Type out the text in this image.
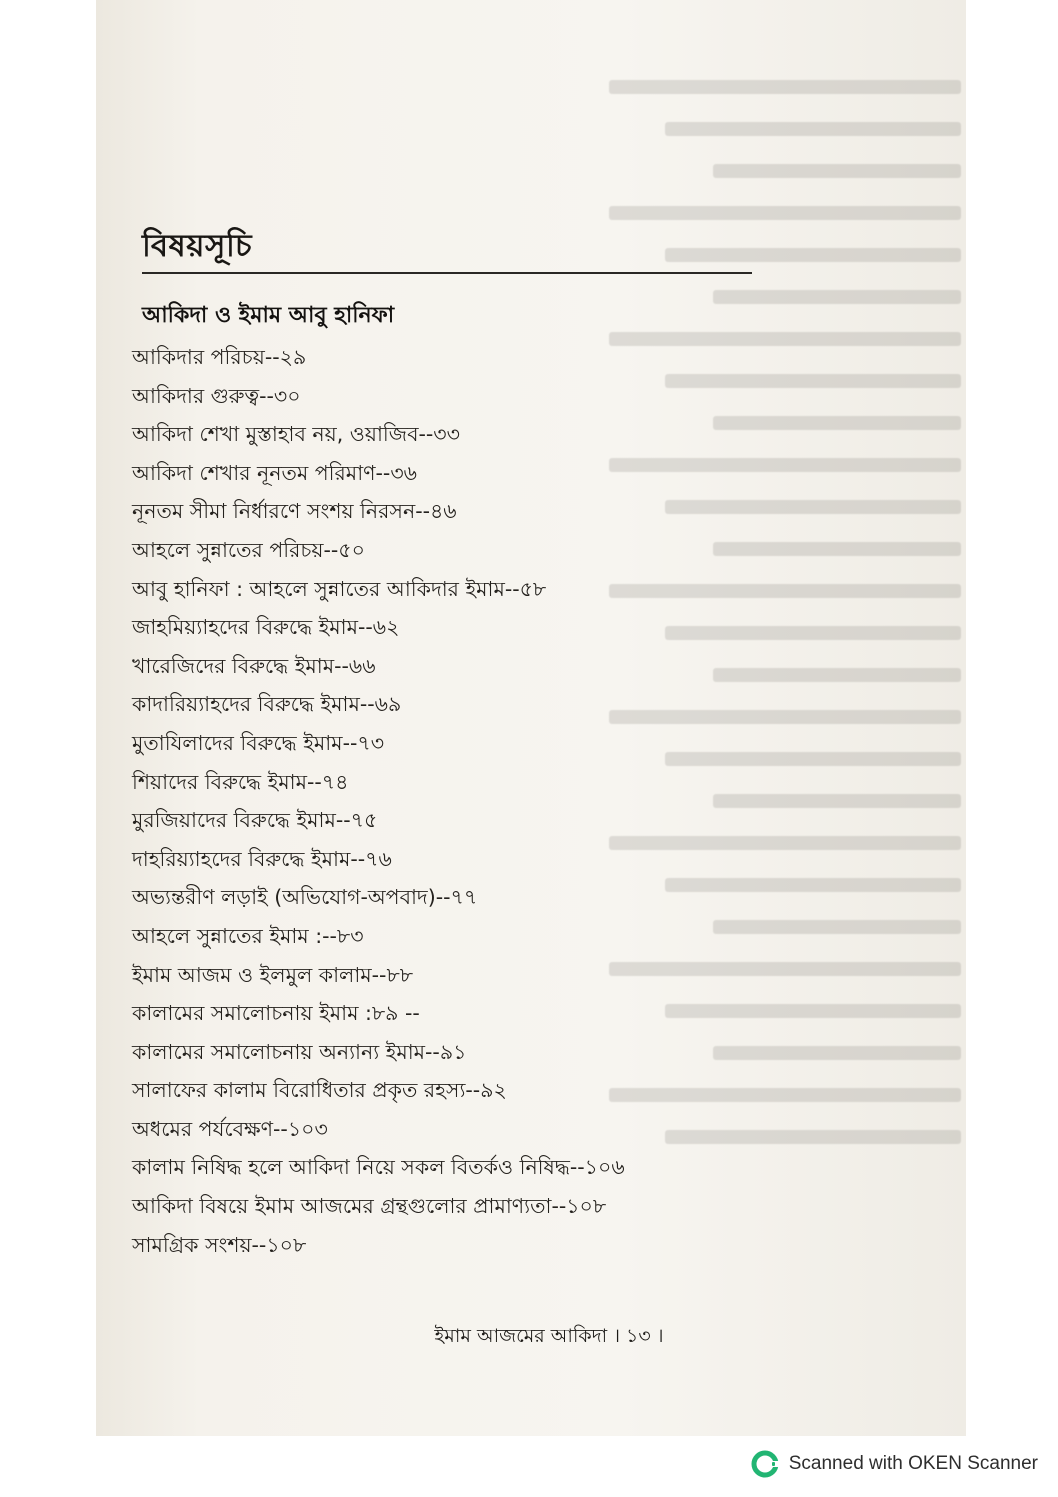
বিষয়সূচি
আকিদা ও ইমাম আবু হানিফা
আকিদার পরিচয়--২৯
আকিদার গুরুত্ব--৩০
আকিদা শেখা মুস্তাহাব নয়, ওয়াজিব--৩৩
আকিদা শেখার নূনতম পরিমাণ--৩৬
নূনতম সীমা নির্ধারণে সংশয় নিরসন--৪৬
আহলে সুন্নাতের পরিচয়--৫০
আবু হানিফা : আহলে সুন্নাতের আকিদার ইমাম--৫৮
জাহমিয়্যাহদের বিরুদ্ধে ইমাম--৬২
খারেজিদের বিরুদ্ধে ইমাম--৬৬
কাদারিয়্যাহদের বিরুদ্ধে ইমাম--৬৯
মুতাযিলাদের বিরুদ্ধে ইমাম--৭৩
শিয়াদের বিরুদ্ধে ইমাম--৭৪
মুরজিয়াদের বিরুদ্ধে ইমাম--৭৫
দাহরিয়্যাহদের বিরুদ্ধে ইমাম--৭৬
অভ্যন্তরীণ লড়াই (অভিযোগ-অপবাদ)--৭৭
আহলে সুন্নাতের ইমাম :--৮৩
ইমাম আজম ও ইলমুল কালাম--৮৮
কালামের সমালোচনায় ইমাম :৮৯ --
কালামের সমালোচনায় অন্যান্য ইমাম--৯১
সালাফের কালাম বিরোধিতার প্রকৃত রহস্য--৯২
অধমের পর্যবেক্ষণ--১০৩
কালাম নিষিদ্ধ হলে আকিদা নিয়ে সকল বিতর্কও নিষিদ্ধ--১০৬
আকিদা বিষয়ে ইমাম আজমের গ্রন্থগুলোর প্রামাণ্যতা--১০৮
সামগ্রিক সংশয়--১০৮
ইমাম আজমের আকিদা । ১৩ ।
Scanned with OKEN Scanner
